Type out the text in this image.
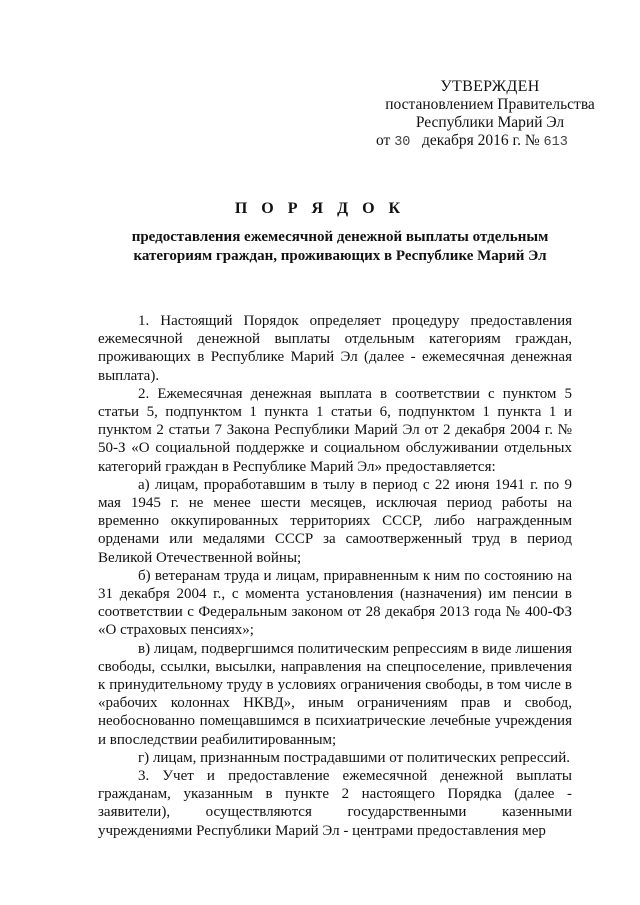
УТВЕРЖДЕН
постановлением Правительства
Республики Марий Эл
от 30 декабря 2016 г. № 613
П О Р Я Д О К
предоставления ежемесячной денежной выплаты отдельным категориям граждан, проживающих в Республике Марий Эл

1. Настоящий Порядок определяет процедуру предоставления ежемесячной денежной выплаты отдельным категориям граждан, проживающих в Республике Марий Эл (далее - ежемесячная денежная выплата).

2. Ежемесячная денежная выплата в соответствии с пунктом 5 статьи 5, подпунктом 1 пункта 1 статьи 6, подпунктом 1 пункта 1 и пунктом 2 статьи 7 Закона Республики Марий Эл от 2 декабря 2004 г. № 50-З «О социальной поддержке и социальном обслуживании отдельных категорий граждан в Республике Марий Эл» предоставляется:

а) лицам, проработавшим в тылу в период с 22 июня 1941 г. по 9 мая 1945 г. не менее шести месяцев, исключая период работы на временно оккупированных территориях СССР, либо награжденным орденами или медалями СССР за самоотверженный труд в период Великой Отечественной войны;

б) ветеранам труда и лицам, приравненным к ним по состоянию на 31 декабря 2004 г., с момента установления (назначения) им пенсии в соответствии с Федеральным законом от 28 декабря 2013 года № 400-ФЗ «О страховых пенсиях»;

в) лицам, подвергшимся политическим репрессиям в виде лишения свободы, ссылки, высылки, направления на спецпоселение, привлечения к принудительному труду в условиях ограничения свободы, в том числе в «рабочих колоннах НКВД», иным ограничениям прав и свобод, необоснованно помещавшимся в психиатрические лечебные учреждения и впоследствии реабилитированным;

г) лицам, признанным пострадавшими от политических репрессий.

3. Учет и предоставление ежемесячной денежной выплаты гражданам, указанным в пункте 2 настоящего Порядка (далее - заявители), осуществляются государственными казенными учреждениями Республики Марий Эл - центрами предоставления мер
